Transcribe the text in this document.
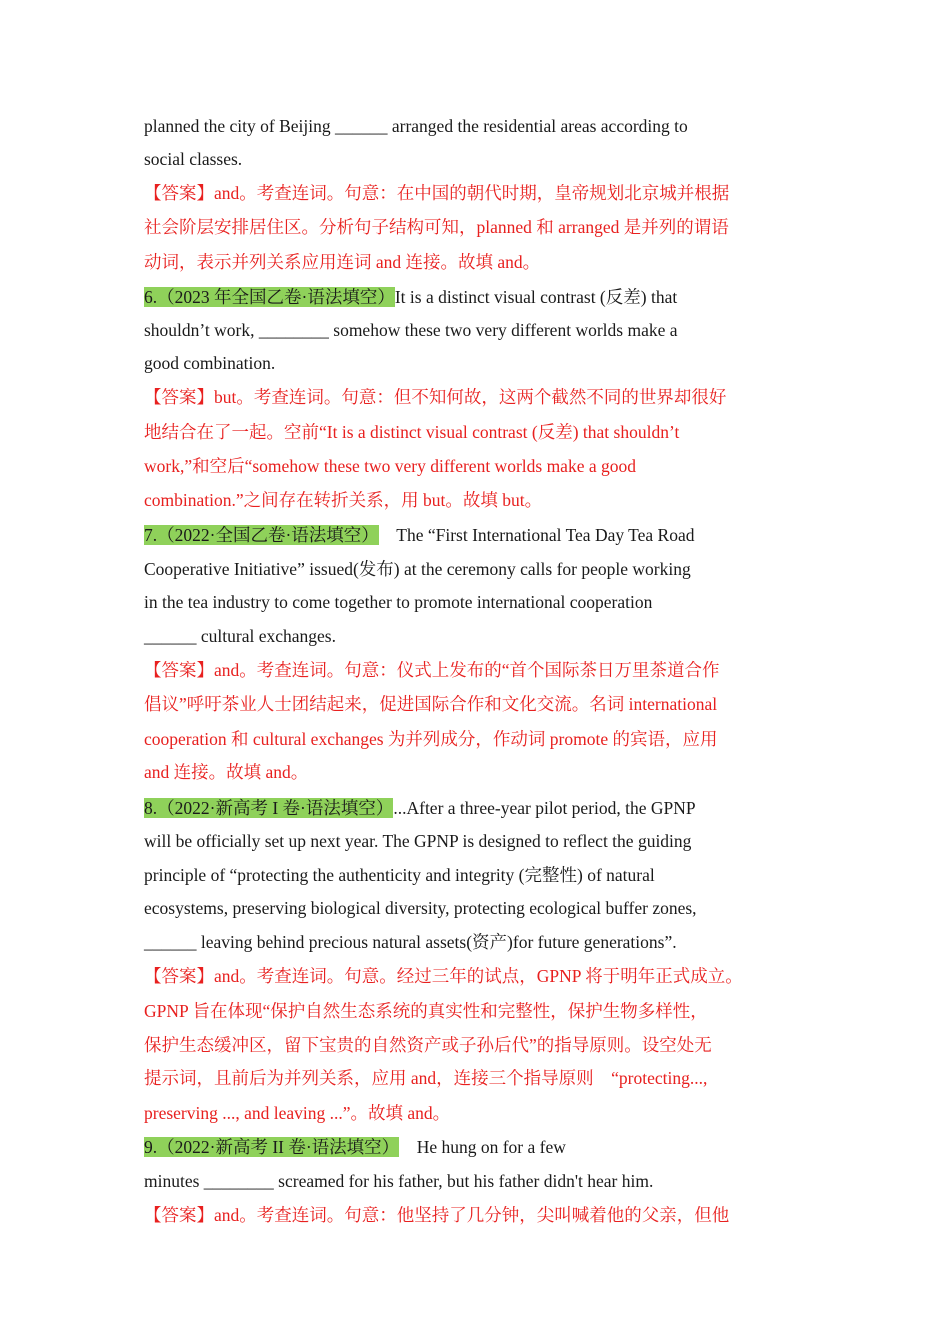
planned the city of Beijing ______ arranged the residential areas according to
social classes.
【答案】and。考查连词。句意：在中国的朝代时期，皇帝规划北京城并根据
社会阶层安排居住区。分析句子结构可知，planned 和 arranged 是并列的谓语
动词，表示并列关系应用连词 and 连接。故填 and。
6.（2023 年全国乙卷·语法填空）It is a distinct visual contrast (反差) that
shouldn’t work, ________ somehow these two very different worlds make a
good combination.
【答案】but。考查连词。句意：但不知何故，这两个截然不同的世界却很好
地结合在了一起。空前“It is a distinct visual contrast (反差) that shouldn’t
work,”和空后“somehow these two very different worlds make a good
combination.”之间存在转折关系，用 but。故填 but。
7.（2022·全国乙卷·语法填空）    The “First International Tea Day Tea Road
Cooperative Initiative” issued(发布) at the ceremony calls for people working
in the tea industry to come together to promote international cooperation
______ cultural exchanges.
【答案】and。考查连词。句意：仪式上发布的“首个国际茶日万里茶道合作
倡议”呼吁茶业人士团结起来，促进国际合作和文化交流。名词 international
cooperation 和 cultural exchanges 为并列成分，作动词 promote 的宾语，应用
and 连接。故填 and。
8.（2022·新高考 I 卷·语法填空）...After a three-year pilot period, the GPNP
will be officially set up next year. The GPNP is designed to reflect the guiding
principle of “protecting the authenticity and integrity (完整性) of natural
ecosystems, preserving biological diversity, protecting ecological buffer zones,
______ leaving behind precious natural assets(资产)for future generations”.
【答案】and。考查连词。句意。经过三年的试点，GPNP 将于明年正式成立。
GPNP 旨在体现“保护自然生态系统的真实性和完整性，保护生物多样性，
保护生态缓冲区，留下宝贵的自然资产或子孙后代”的指导原则。设空处无
提示词，且前后为并列关系，应用 and，连接三个指导原则    “protecting...,
preserving ..., and leaving ...”。故填 and。
9.（2022·新高考 II 卷·语法填空）    He hung on for a few
minutes ________ screamed for his father, but his father didn't hear him.
【答案】and。考查连词。句意：他坚持了几分钟，尖叫喊着他的父亲，但他
